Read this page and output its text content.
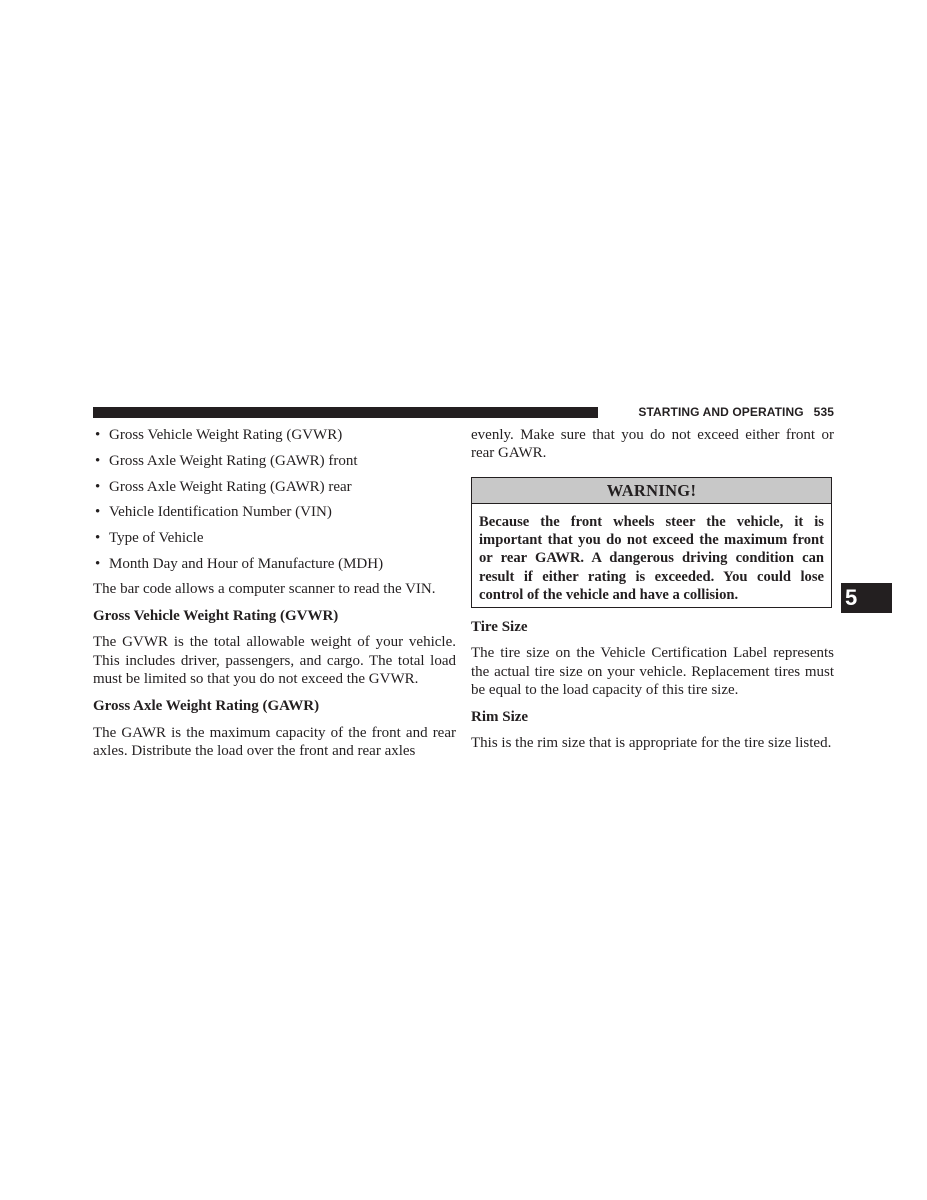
STARTING AND OPERATING 535
• Gross Vehicle Weight Rating (GVWR)
• Gross Axle Weight Rating (GAWR) front
• Gross Axle Weight Rating (GAWR) rear
• Vehicle Identification Number (VIN)
• Type of Vehicle
• Month Day and Hour of Manufacture (MDH)

The bar code allows a computer scanner to read the VIN.

Gross Vehicle Weight Rating (GVWR)

The GVWR is the total allowable weight of your vehicle. This includes driver, passengers, and cargo. The total load must be limited so that you do not exceed the GVWR.

Gross Axle Weight Rating (GAWR)

The GAWR is the maximum capacity of the front and rear axles. Distribute the load over the front and rear axles

evenly. Make sure that you do not exceed either front or rear GAWR.

WARNING!
Because the front wheels steer the vehicle, it is important that you do not exceed the maximum front or rear GAWR. A dangerous driving condition can result if either rating is exceeded. You could lose control of the vehicle and have a collision.

Tire Size

The tire size on the Vehicle Certification Label represents the actual tire size on your vehicle. Replacement tires must be equal to the load capacity of this tire size.

Rim Size

This is the rim size that is appropriate for the tire size listed.

5
